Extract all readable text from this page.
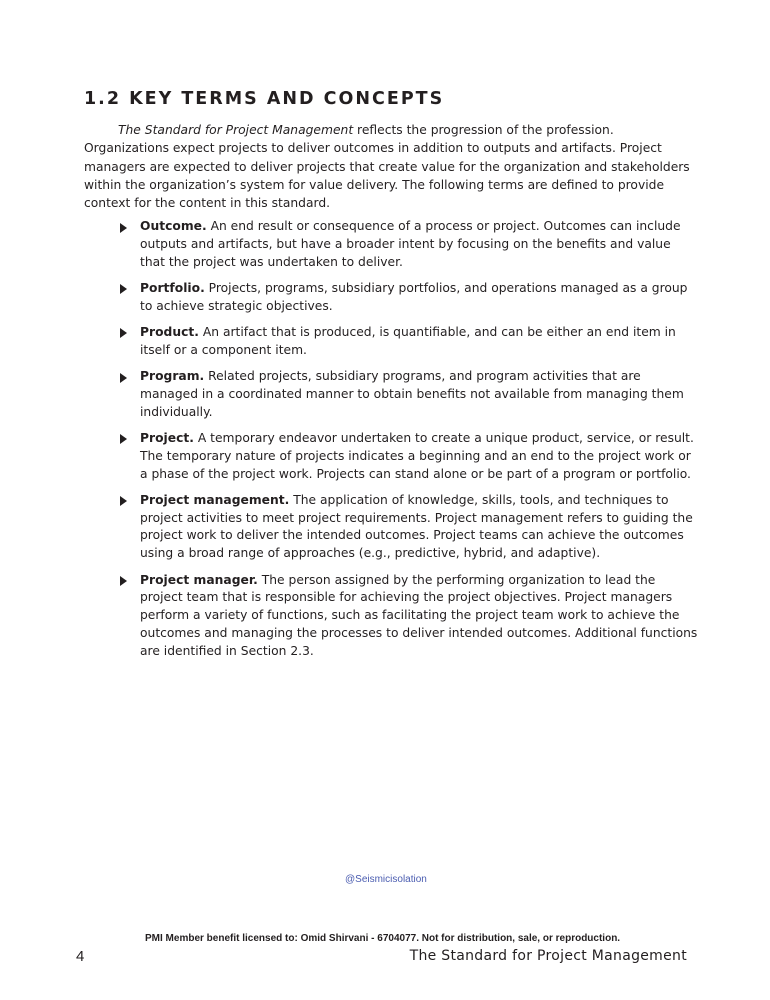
1.2 KEY TERMS AND CONCEPTS

The Standard for Project Management reflects the progression of the profession. Organizations expect projects to deliver outcomes in addition to outputs and artifacts. Project managers are expected to deliver projects that create value for the organization and stakeholders within the organization’s system for value delivery. The following terms are defined to provide context for the content in this standard.

Outcome. An end result or consequence of a process or project. Outcomes can include outputs and artifacts, but have a broader intent by focusing on the benefits and value that the project was undertaken to deliver.
Portfolio. Projects, programs, subsidiary portfolios, and operations managed as a group to achieve strategic objectives.
Product. An artifact that is produced, is quantifiable, and can be either an end item in itself or a component item.
Program. Related projects, subsidiary programs, and program activities that are managed in a coordinated manner to obtain benefits not available from managing them individually.
Project. A temporary endeavor undertaken to create a unique product, service, or result. The temporary nature of projects indicates a beginning and an end to the project work or a phase of the project work. Projects can stand alone or be part of a program or portfolio.
Project management. The application of knowledge, skills, tools, and techniques to project activities to meet project requirements. Project management refers to guiding the project work to deliver the intended outcomes. Project teams can achieve the outcomes using a broad range of approaches (e.g., predictive, hybrid, and adaptive).
Project manager. The person assigned by the performing organization to lead the project team that is responsible for achieving the project objectives. Project managers perform a variety of functions, such as facilitating the project team work to achieve the outcomes and managing the processes to deliver intended outcomes. Additional functions are identified in Section 2.3.
@Seismicisolation
PMI Member benefit licensed to: Omid Shirvani - 6704077. Not for distribution, sale, or reproduction.
4	The Standard for Project Management
